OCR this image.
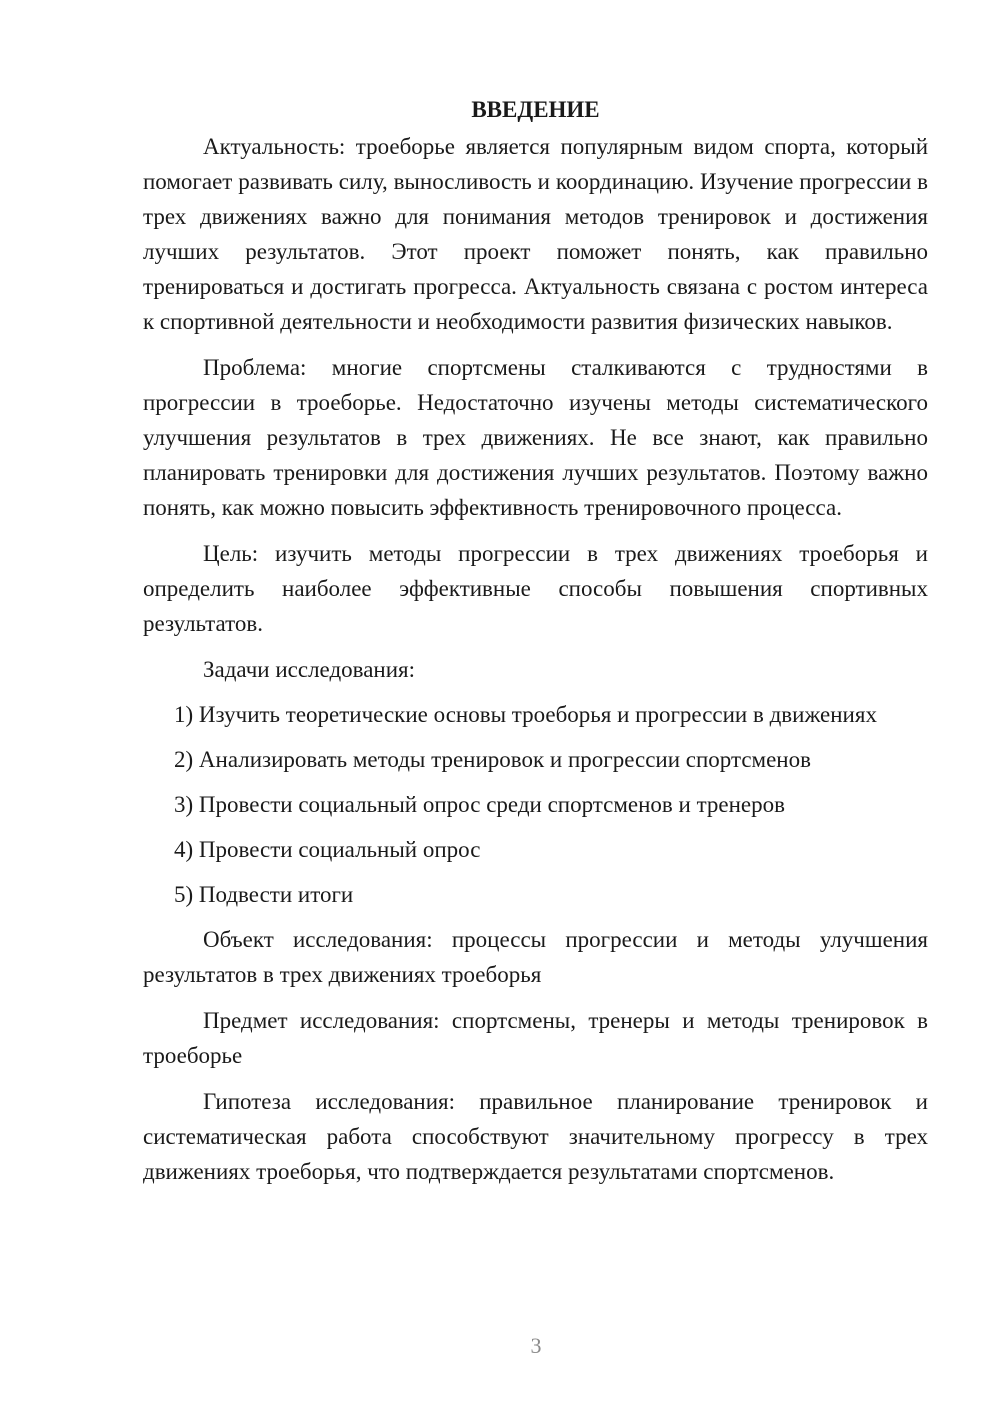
ВВЕДЕНИЕ

Актуальность: троеборье является популярным видом спорта, который помогает развивать силу, выносливость и координацию. Изучение прогрессии в трех движениях важно для понимания методов тренировок и достижения лучших результатов. Этот проект поможет понять, как правильно тренироваться и достигать прогресса. Актуальность связана с ростом интереса к спортивной деятельности и необходимости развития физических навыков.

Проблема: многие спортсмены сталкиваются с трудностями в прогрессии в троеборье. Недостаточно изучены методы систематического улучшения результатов в трех движениях. Не все знают, как правильно планировать тренировки для достижения лучших результатов. Поэтому важно понять, как можно повысить эффективность тренировочного процесса.

Цель: изучить методы прогрессии в трех движениях троеборья и определить наиболее эффективные способы повышения спортивных результатов.

Задачи исследования:

1) Изучить теоретические основы троеборья и прогрессии в движениях
2) Анализировать методы тренировок и прогрессии спортсменов
3) Провести социальный опрос среди спортсменов и тренеров
4) Провести социальный опрос
5) Подвести итоги

Объект исследования: процессы прогрессии и методы улучшения результатов в трех движениях троеборья

Предмет исследования: спортсмены, тренеры и методы тренировок в троеборье

Гипотеза исследования: правильное планирование тренировок и систематическая работа способствуют значительному прогрессу в трех движениях троеборья, что подтверждается результатами спортсменов.

3
